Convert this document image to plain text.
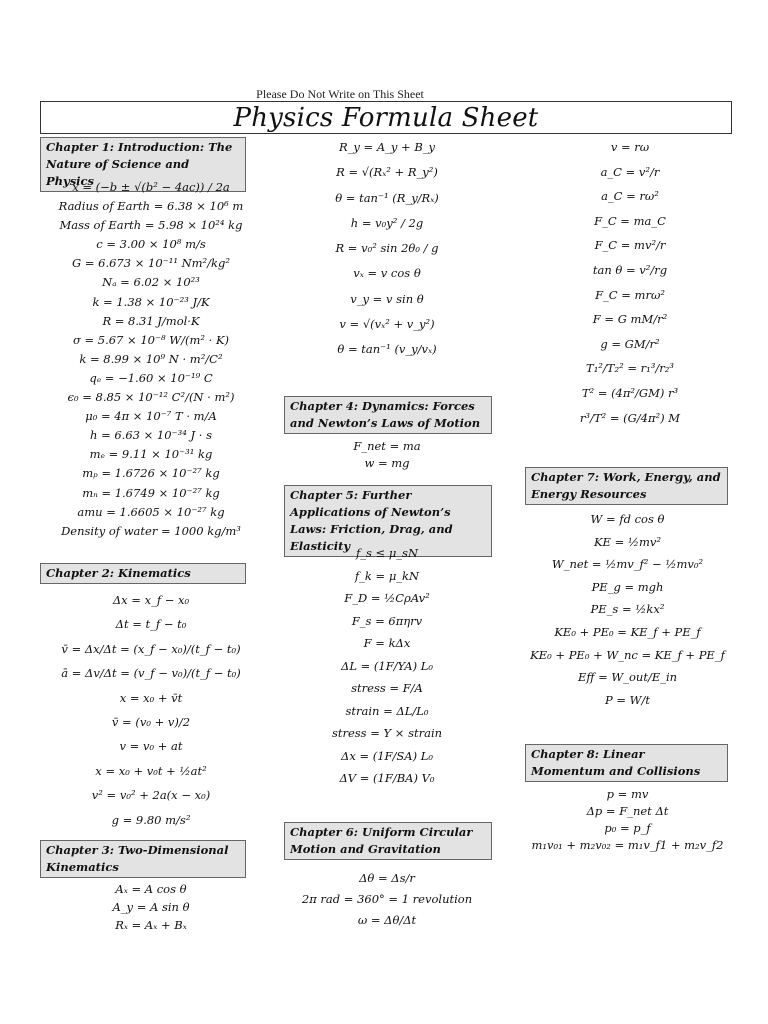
Please Do Not Write on This Sheet
Physics Formula Sheet
Chapter 1: Introduction: The Nature of Science and Physics
x = (−b ± √(b² − 4ac)) / 2a
Radius of Earth = 6.38 × 10⁶ m
Mass of Earth = 5.98 × 10²⁴ kg
c = 3.00 × 10⁸ m/s
G = 6.673 × 10⁻¹¹ Nm²/kg²
Nₐ = 6.02 × 10²³
k = 1.38 × 10⁻²³ J/K
R = 8.31 J/mol·K
σ = 5.67 × 10⁻⁸ W/(m² · K)
k = 8.99 × 10⁹ N · m²/C²
qₑ = −1.60 × 10⁻¹⁹ C
ϵ₀ = 8.85 × 10⁻¹² C²/(N · m²)
μ₀ = 4π × 10⁻⁷ T · m/A
h = 6.63 × 10⁻³⁴ J · s
mₑ = 9.11 × 10⁻³¹ kg
mₚ = 1.6726 × 10⁻²⁷ kg
mₙ = 1.6749 × 10⁻²⁷ kg
amu = 1.6605 × 10⁻²⁷ kg
Density of water = 1000 kg/m³
Chapter 2: Kinematics
Δx = x_f − x₀
Δt = t_f − t₀
v̄ = Δx/Δt = (x_f − x₀)/(t_f − t₀)
ā = Δv/Δt = (v_f − v₀)/(t_f − t₀)
x = x₀ + v̄t
v̄ = (v₀ + v)/2
v = v₀ + at
x = x₀ + v₀t + ½at²
v² = v₀² + 2a(x − x₀)
g = 9.80 m/s²
Chapter 3: Two-Dimensional Kinematics
Aₓ = A cos θ
A_y = A sin θ
Rₓ = Aₓ + Bₓ
R_y = A_y + B_y
R = √(Rₓ² + R_y²)
θ = tan⁻¹ (R_y/Rₓ)
h = v₀y² / 2g
R = v₀² sin 2θ₀ / g
vₓ = v cos θ
v_y = v sin θ
v = √(vₓ² + v_y²)
θ = tan⁻¹ (v_y/vₓ)
Chapter 4: Dynamics: Forces and Newton’s Laws of Motion
F_net = ma
w = mg
Chapter 5: Further Applications of Newton’s Laws: Friction, Drag, and Elasticity f_s ≤ μ_sN
f_k = μ_kN
F_D = ½CρAv²
F_s = 6πηrv
F = kΔx
ΔL = (1F/YA) L₀
stress = F/A
strain = ΔL/L₀
stress = Y × strain
Δx = (1F/SA) L₀
ΔV = (1F/BA) V₀
Chapter 6: Uniform Circular Motion and Gravitation
Δθ = Δs/r
2π rad = 360° = 1 revolution
ω = Δθ/Δt
v = rω
a_C = v²/r
a_C = rω²
F_C = ma_C
F_C = mv²/r
tan θ = v²/rg
F_C = mrω²
F = G mM/r²
g = GM/r²
T₁²/T₂² = r₁³/r₂³
T² = (4π²/GM) r³
r³/T² = (G/4π²) M
Chapter 7: Work, Energy, and Energy Resources
W = fd cos θ
KE = ½mv²
W_net = ½mv_f² − ½mv₀²
PE_g = mgh
PE_s = ½kx²
KE₀ + PE₀ = KE_f + PE_f
KE₀ + PE₀ + W_nc = KE_f + PE_f
Eff = W_out/E_in
P = W/t
Chapter 8: Linear Momentum and Collisions
p = mv
Δp = F_net Δt
p₀ = p_f
m₁v₀₁ + m₂v₀₂ = m₁v_f1 + m₂v_f2
